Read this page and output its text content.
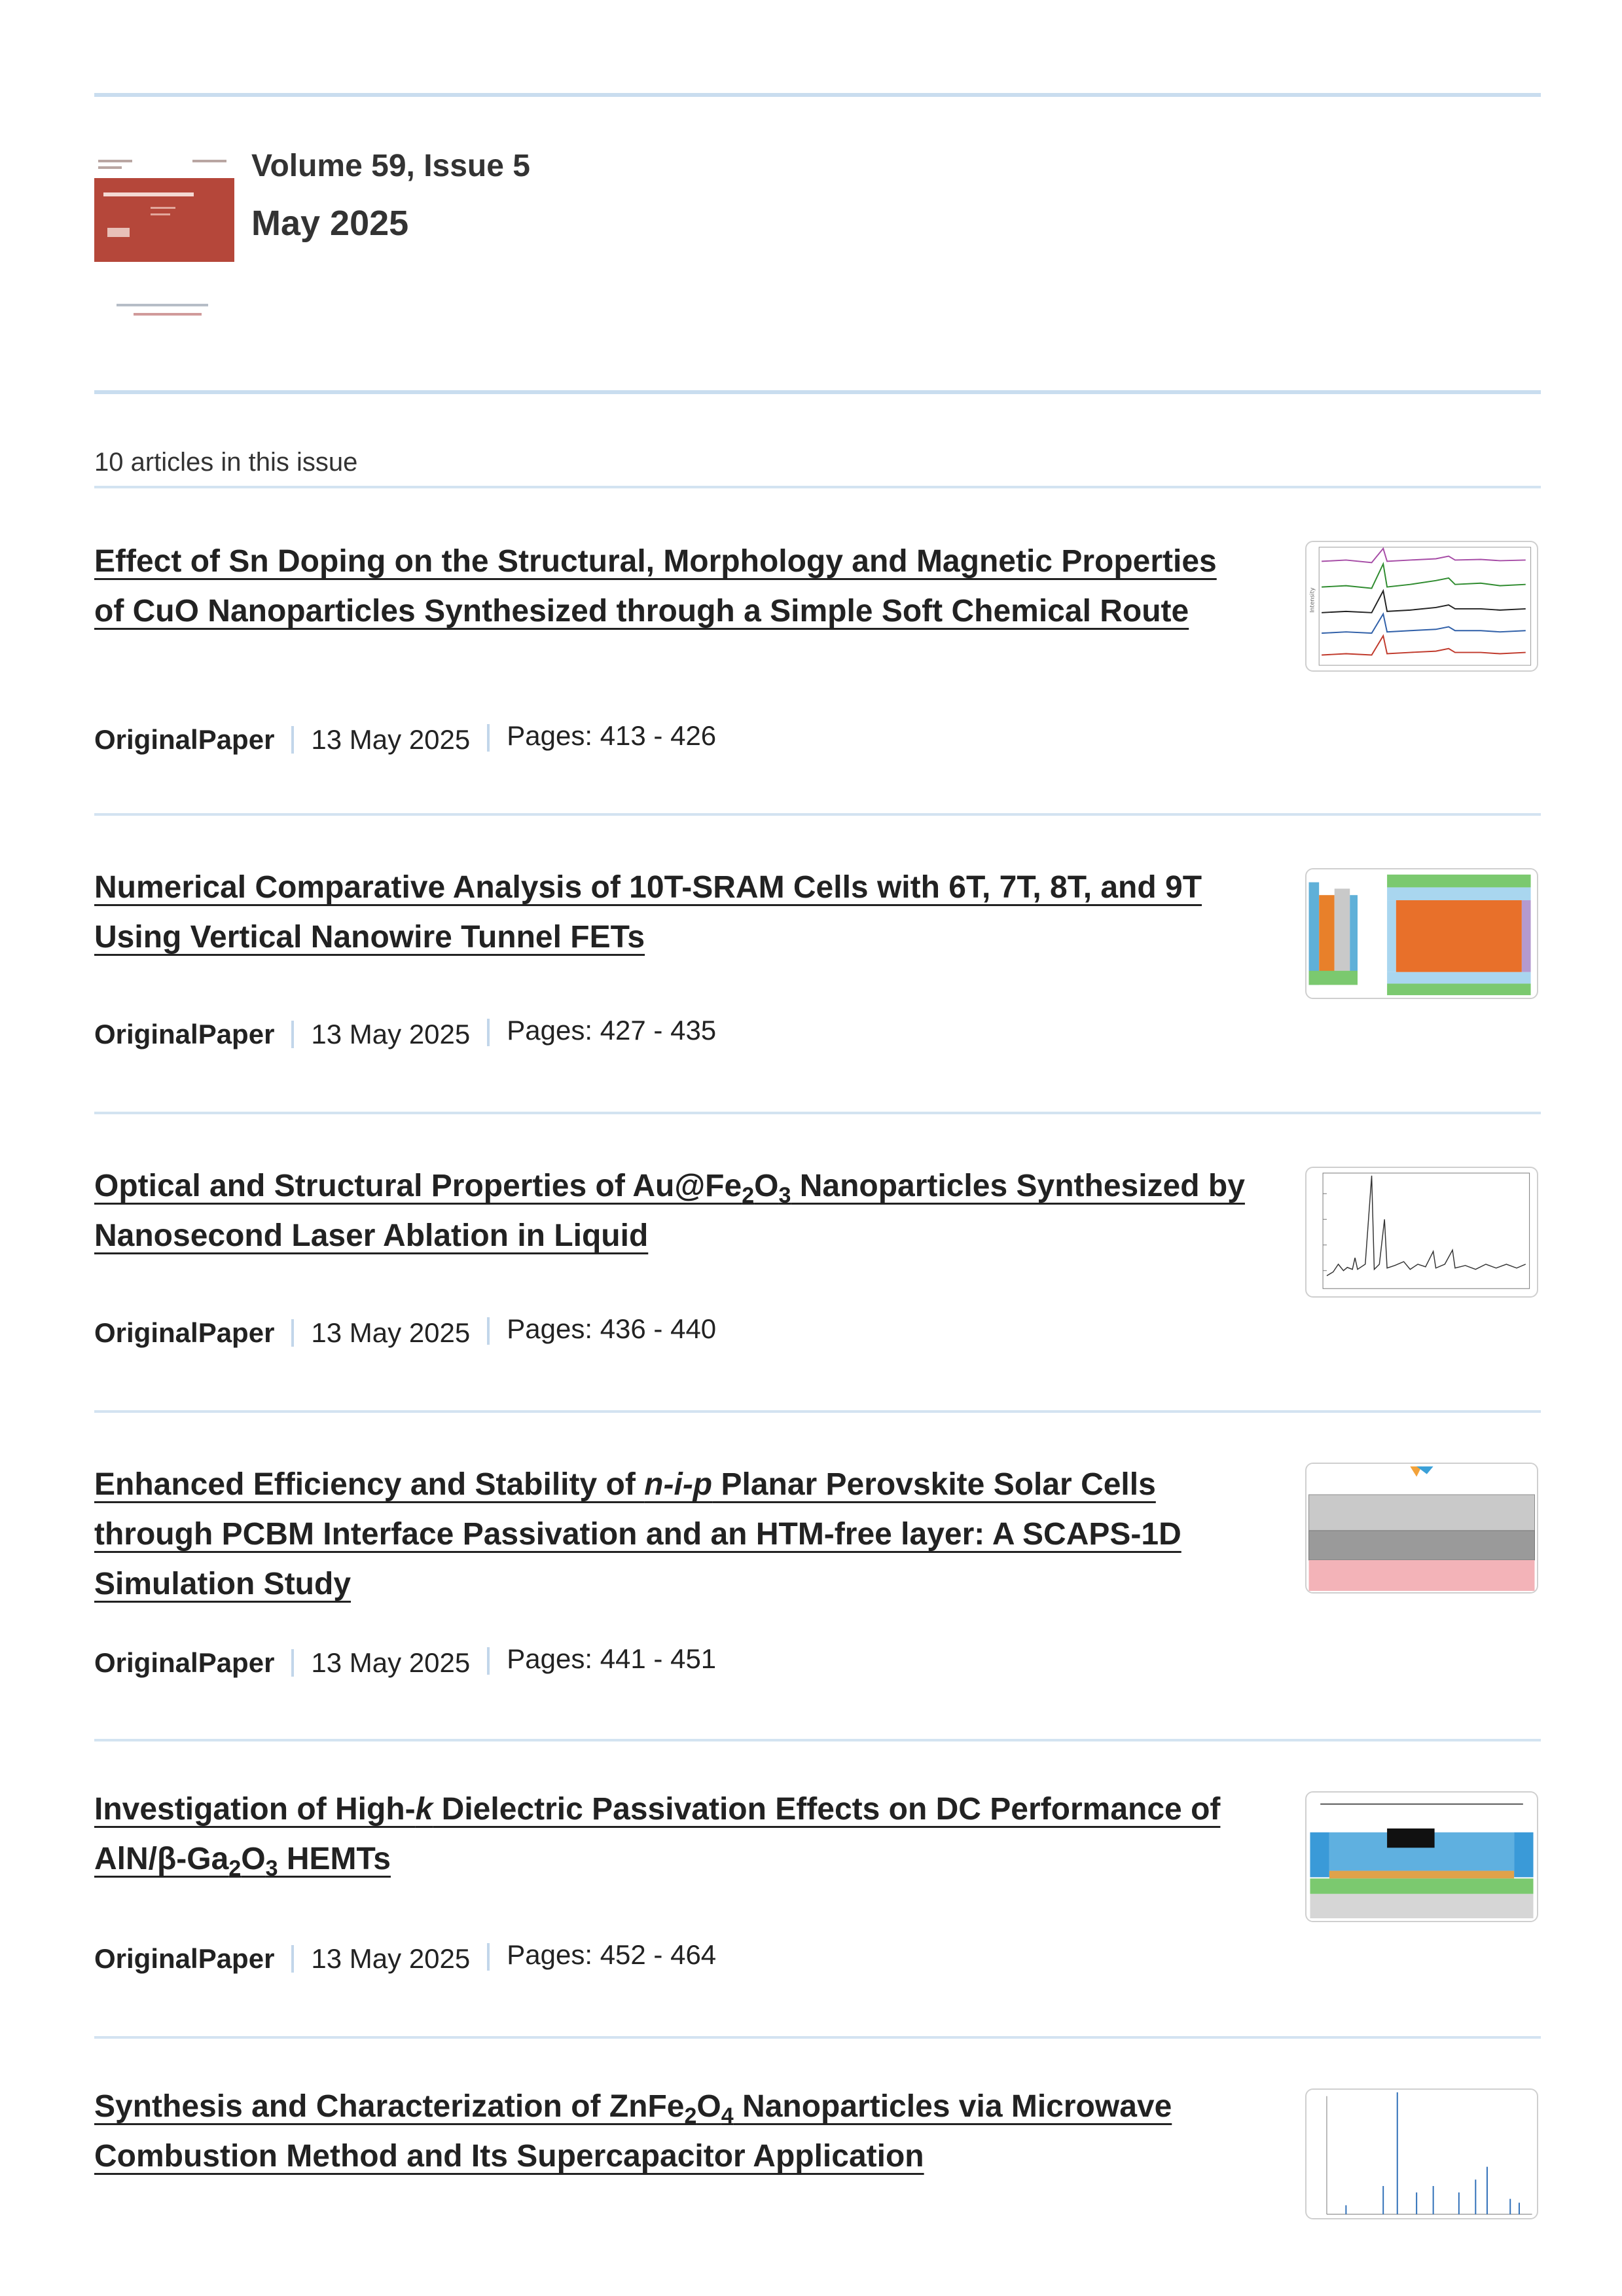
Volume 59, Issue 5
May 2025
10 articles in this issue
Effect of Sn Doping on the Structural, Morphology and Magnetic Properties of CuO Nanoparticles Synthesized through a Simple Soft Chemical Route
OriginalPaper 13 May 2025 Pages: 413 - 426
Intensity
Numerical Comparative Analysis of 10T-SRAM Cells with 6T, 7T, 8T, and 9T Using Vertical Nanowire Tunnel FETs
OriginalPaper 13 May 2025 Pages: 427 - 435
Optical and Structural Properties of $Au@Fe_2O_3$ Nanoparticles Synthesized by Nanosecond Laser Ablation in Liquid
OriginalPaper 13 May 2025 Pages: 436 - 440
Enhanced Efficiency and Stability of n-i-p Planar Perovskite Solar Cells through PCBM Interface Passivation and an HTM-free layer: A SCAPS-1D Simulation Study
OriginalPaper 13 May 2025 Pages: 441 - 451
Investigation of High-k Dielectric Passivation Effects on DC Performance of AlN/$\beta-Ga_2O_3$ HEMTs
OriginalPaper 13 May 2025 Pages: 452 - 464
Synthesis and Characterization of $ZnFe_2O_4$ Nanoparticles via Microwave Combustion Method and Its Supercapacitor Application
